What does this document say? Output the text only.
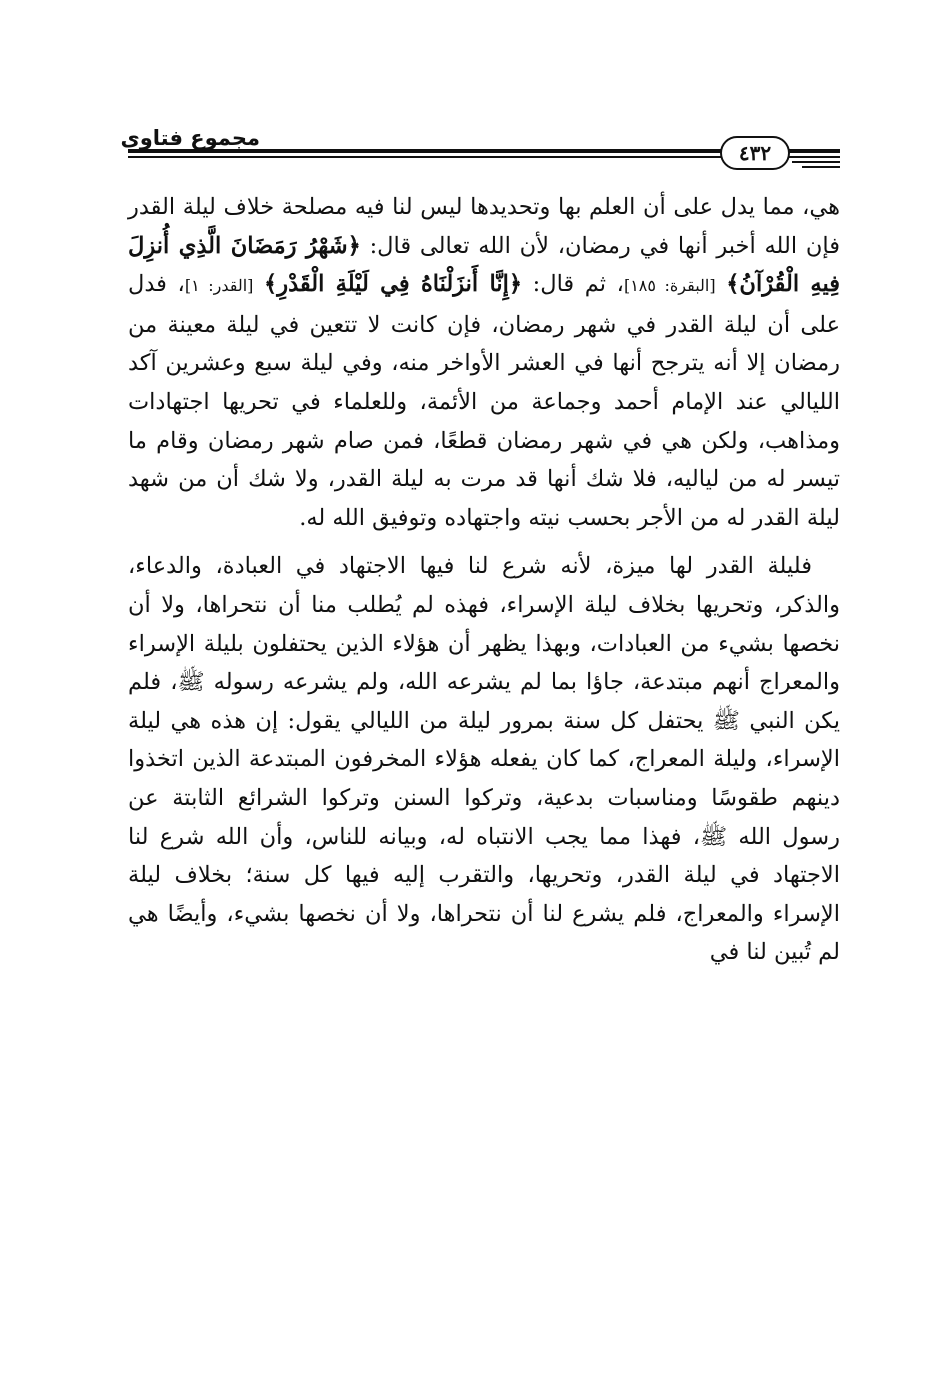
مجموع فتاوى
٤٣٢

هي، مما يدل على أن العلم بها وتحديدها ليس لنا فيه مصلحة خلاف ليلة القدر فإن الله أخبر أنها في رمضان، لأن الله تعالى قال: ﴿شَهْرُ رَمَضَانَ الَّذِي أُنزِلَ فِيهِ الْقُرْآنُ﴾ [البقرة: ١٨٥]، ثم قال: ﴿إِنَّا أَنزَلْنَاهُ فِي لَيْلَةِ الْقَدْرِ﴾ [القدر: ١]، فدل على أن ليلة القدر في شهر رمضان، فإن كانت لا تتعين في ليلة معينة من رمضان إلا أنه يترجح أنها في العشر الأواخر منه، وفي ليلة سبع وعشرين آكد الليالي عند الإمام أحمد وجماعة من الأئمة، وللعلماء في تحريها اجتهادات ومذاهب، ولكن هي في شهر رمضان قطعًا، فمن صام شهر رمضان وقام ما تيسر له من لياليه، فلا شك أنها قد مرت به ليلة القدر، ولا شك أن من شهد ليلة القدر له من الأجر بحسب نيته واجتهاده وتوفيق الله له.

فليلة القدر لها ميزة، لأنه شرع لنا فيها الاجتهاد في العبادة، والدعاء، والذكر، وتحريها بخلاف ليلة الإسراء، فهذه لم يُطلب منا أن نتحراها، ولا أن نخصها بشيء من العبادات، وبهذا يظهر أن هؤلاء الذين يحتفلون بليلة الإسراء والمعراج أنهم مبتدعة، جاؤا بما لم يشرعه الله، ولم يشرعه رسوله ﷺ، فلم يكن النبي ﷺ يحتفل كل سنة بمرور ليلة من الليالي يقول: إن هذه هي ليلة الإسراء، وليلة المعراج، كما كان يفعله هؤلاء المخرفون المبتدعة الذين اتخذوا دينهم طقوسًا ومناسبات بدعية، وتركوا السنن وتركوا الشرائع الثابتة عن رسول الله ﷺ، فهذا مما يجب الانتباه له، وبيانه للناس، وأن الله شرع لنا الاجتهاد في ليلة القدر، وتحريها، والتقرب إليه فيها كل سنة؛ بخلاف ليلة الإسراء والمعراج، فلم يشرع لنا أن نتحراها، ولا أن نخصها بشيء، وأيضًا هي لم تُبين لنا في
